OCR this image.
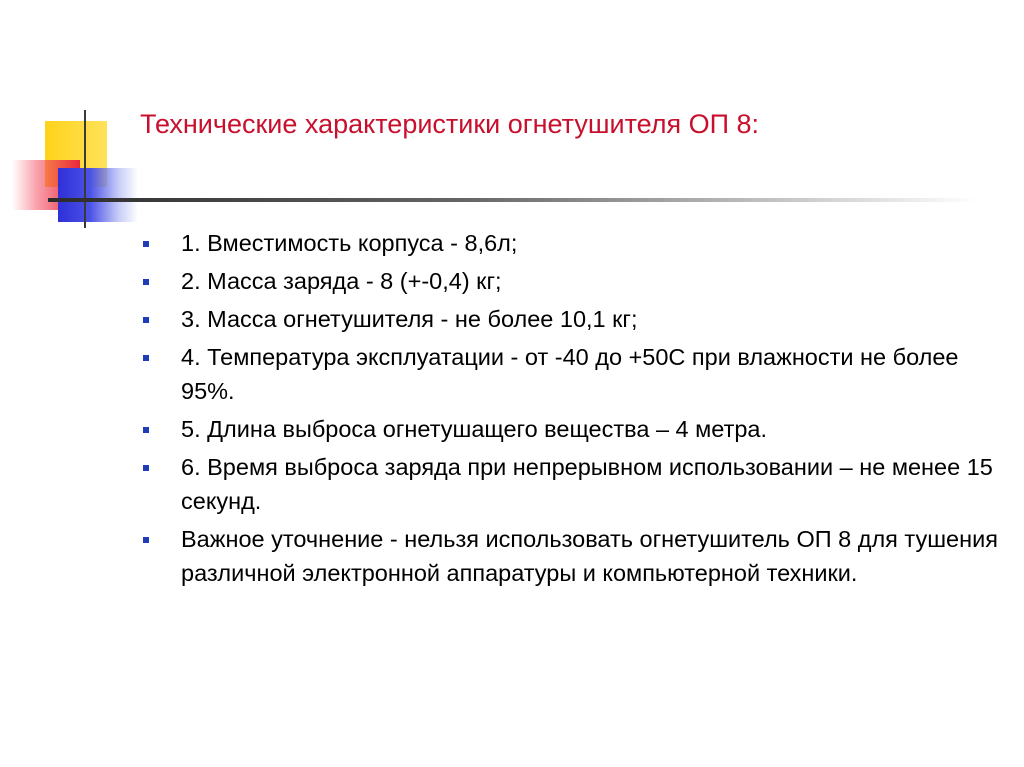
Технические характеристики огнетушителя ОП 8:
1. Вместимость корпуса - 8,6л;
2. Масса заряда - 8 (+-0,4) кг;
3. Масса огнетушителя - не более 10,1 кг;
4. Температура эксплуатации - от -40 до +50С при влажности не более 95%.
5. Длина выброса огнетушащего вещества – 4 метра.
6. Время выброса заряда при непрерывном использовании – не менее 15 секунд.
Важное уточнение - нельзя использовать огнетушитель ОП 8 для тушения различной электронной аппаратуры и компьютерной техники.
